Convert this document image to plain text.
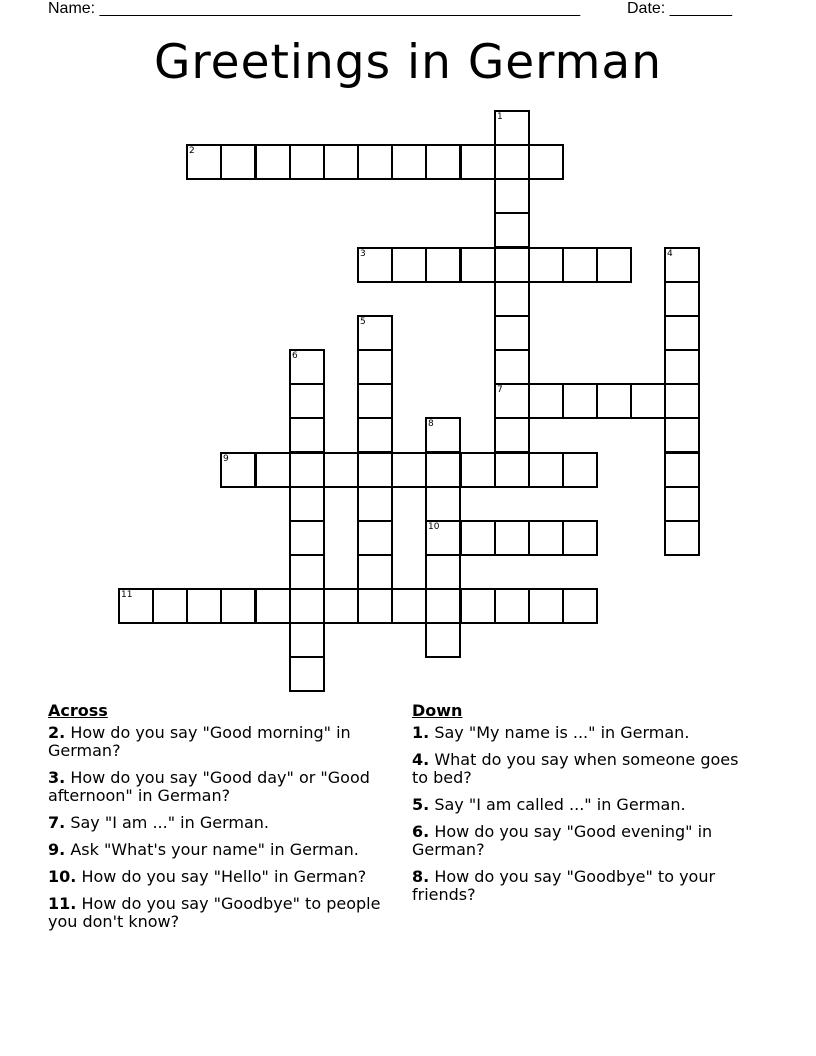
Name: ______________________________________________________	Date: _______
Greetings in German
1
7
2
3	4
5
6
8
10
9
11
Across
2. How do you say "Good morning" in German?
3. How do you say "Good day" or "Good afternoon" in German?
7. Say "I am ..." in German.
9. Ask "What's your name" in German.
10. How do you say "Hello" in German?
11. How do you say "Goodbye" to people you don't know?
Down
1. Say "My name is ..." in German.
4. What do you say when someone goes to bed?
5. Say "I am called ..." in German.
6. How do you say "Good evening" in German?
8. How do you say "Goodbye" to your friends?
